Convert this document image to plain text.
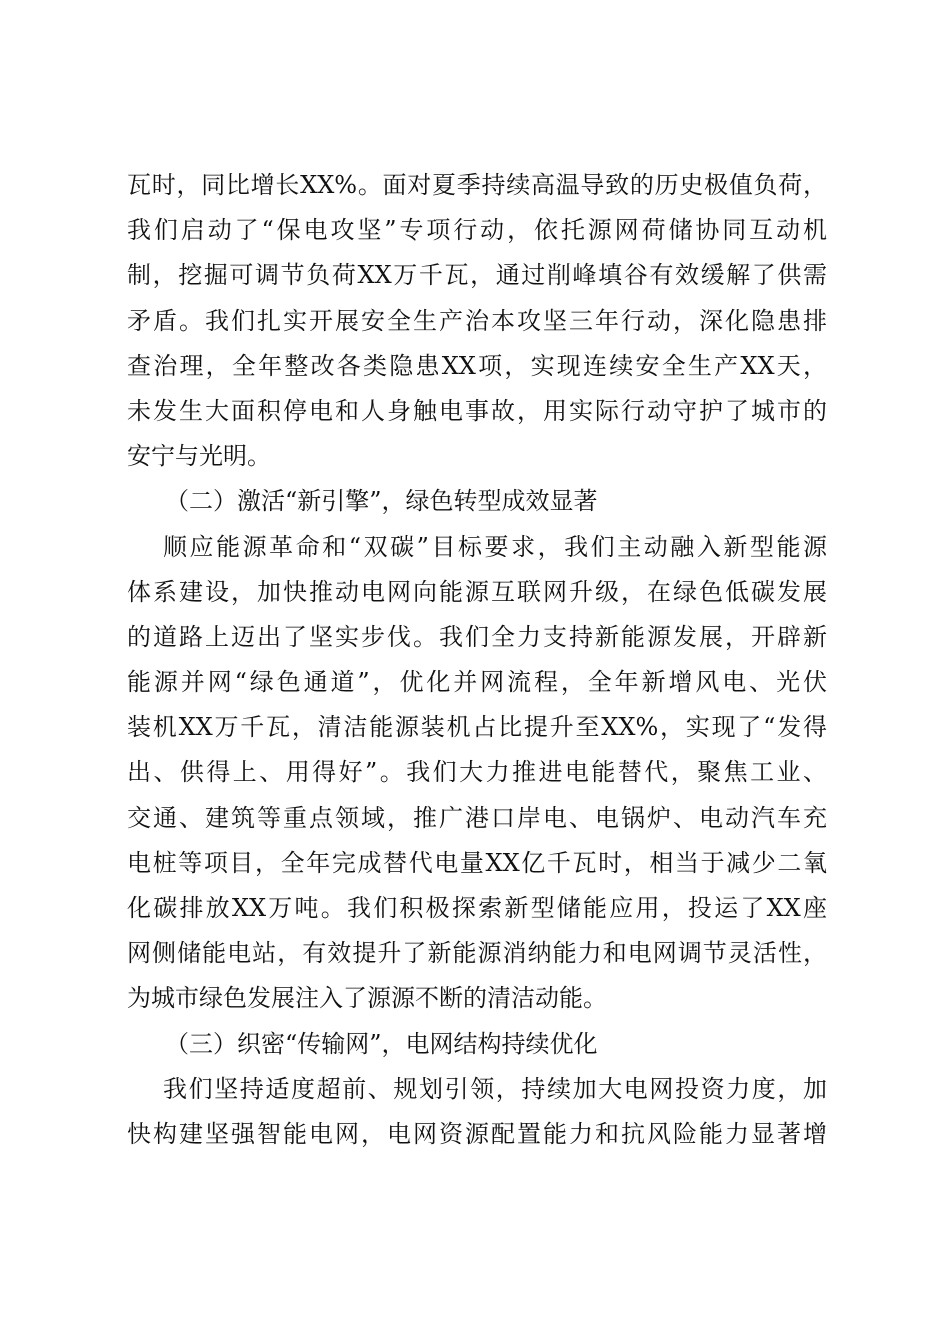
瓦时，同比增长XX%。面对夏季持续高温导致的历史极值负荷，
我们启动了“保电攻坚”专项行动，依托源网荷储协同互动机
制，挖掘可调节负荷XX万千瓦，通过削峰填谷有效缓解了供需
矛盾。我们扎实开展安全生产治本攻坚三年行动，深化隐患排
查治理，全年整改各类隐患XX项，实现连续安全生产XX天，
未发生大面积停电和人身触电事故，用实际行动守护了城市的
安宁与光明。
（二）激活“新引擎”，绿色转型成效显著
顺应能源革命和“双碳”目标要求，我们主动融入新型能源
体系建设，加快推动电网向能源互联网升级，在绿色低碳发展
的道路上迈出了坚实步伐。我们全力支持新能源发展，开辟新
能源并网“绿色通道”，优化并网流程，全年新增风电、光伏
装机XX万千瓦，清洁能源装机占比提升至XX%，实现了“发得
出、供得上、用得好”。我们大力推进电能替代，聚焦工业、
交通、建筑等重点领域，推广港口岸电、电锅炉、电动汽车充
电桩等项目，全年完成替代电量XX亿千瓦时，相当于减少二氧
化碳排放XX万吨。我们积极探索新型储能应用，投运了XX座
网侧储能电站，有效提升了新能源消纳能力和电网调节灵活性，
为城市绿色发展注入了源源不断的清洁动能。
（三）织密“传输网”，电网结构持续优化
我们坚持适度超前、规划引领，持续加大电网投资力度，加
快构建坚强智能电网，电网资源配置能力和抗风险能力显著增
